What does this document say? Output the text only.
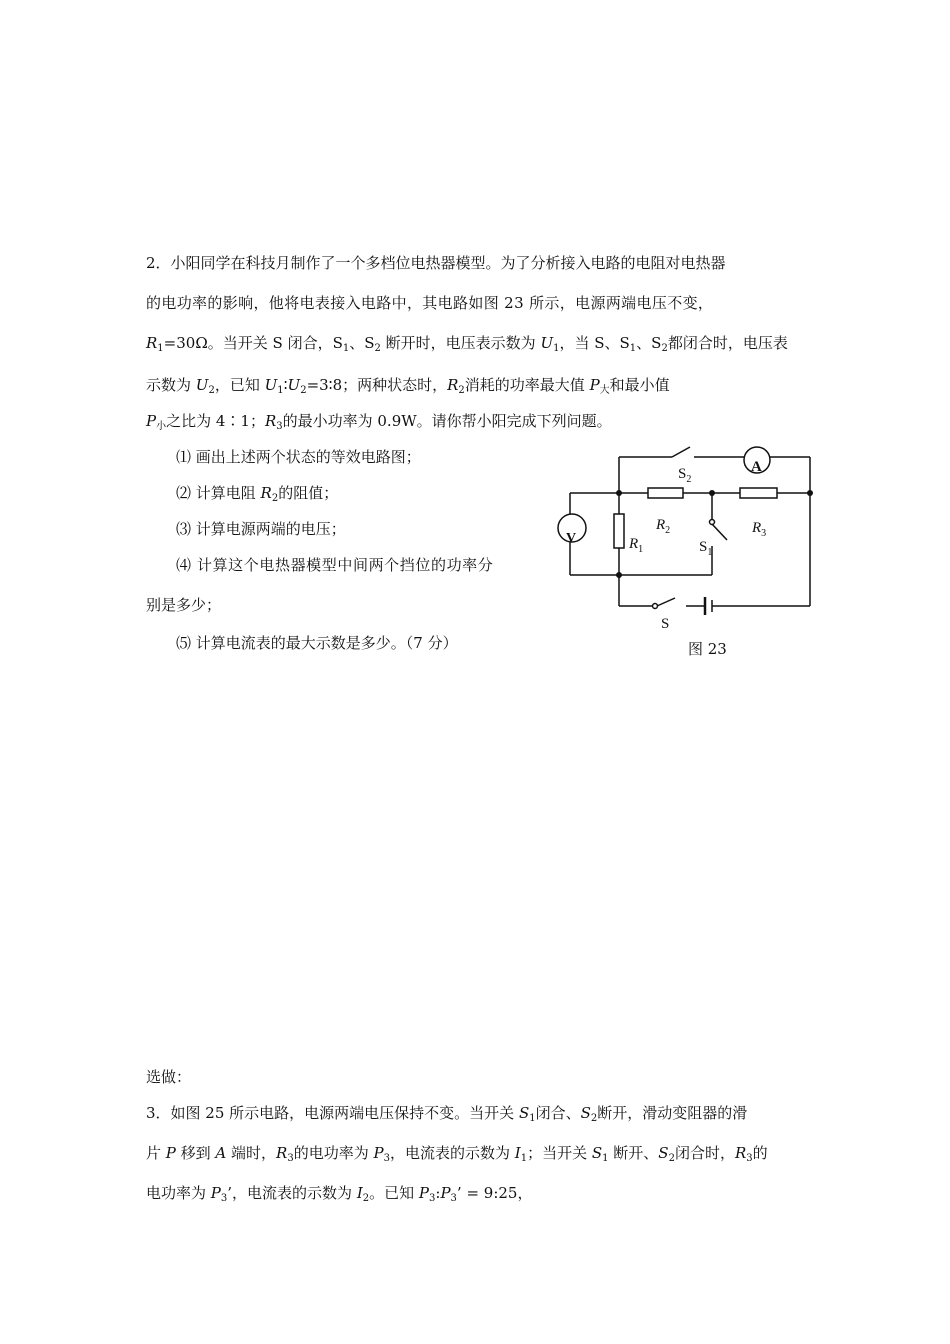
2．小阳同学在科技月制作了一个多档位电热器模型。为了分析接入电路的电阻对电热器
的电功率的影响，他将电表接入电路中，其电路如图 23 所示，电源两端电压不变，
$R_1=30\Omega$。当开关 S 闭合，$S_1$、$S_2$ 断开时，电压表示数为 $U_1$，当 S、$S_1$、$S_2$都闭合时，电压表
示数为 $U_2$，已知 $U_1∶U_2=3∶8$；两种状态时，$R_2$消耗的功率最大值 $P_大$和最小值
$P_小$之比为 4∶1；$R_3$的最小功率为 0.9W。请你帮小阳完成下列问题。
⑴ 画出上述两个状态的等效电路图；
⑵ 计算电阻 $R_2$的阻值；
⑶ 计算电源两端的电压；
⑷ 计算这个电热器模型中间两个挡位的功率分
别是多少；
⑸ 计算电流表的最大示数是多少。（7 分）
$S_2$
A
V
$R_2$	$R_3$
$R_1$	$S_1$
S
图 23
选做：
3．如图 25 所示电路，电源两端电压保持不变。当开关 $S_1$闭合、$S_2$断开，滑动变阻器的滑
片 P 移到 A 端时，$R_3$的电功率为 $P_3$，电流表的示数为 $I_1$；当开关 $S_1$ 断开、$S_2$闭合时，$R_3$的
电功率为 $P_3$’，电流表的示数为 $I_2$。已知 $P_3:P_3$’ = 9:25，
